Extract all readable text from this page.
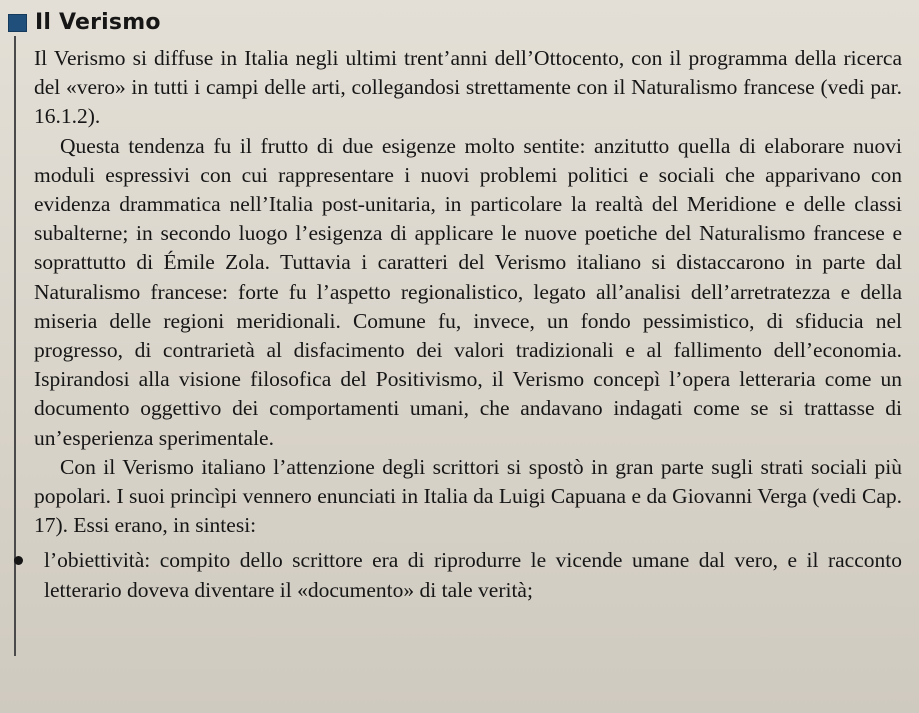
Il Verismo

Il Verismo si diffuse in Italia negli ultimi trent’anni dell’Ottocento, con il programma della ricerca del «vero» in tutti i campi delle arti, collegandosi strettamente con il Naturalismo francese (vedi par. 16.1.2).

Questa tendenza fu il frutto di due esigenze molto sentite: anzitutto quella di elaborare nuovi moduli espressivi con cui rappresentare i nuovi problemi politici e sociali che apparivano con evidenza drammatica nell’Italia post-unitaria, in particolare la realtà del Meridione e delle classi subalterne; in secondo luogo l’esigenza di applicare le nuove poetiche del Naturalismo francese e soprattutto di Émile Zola. Tuttavia i caratteri del Verismo italiano si distaccarono in parte dal Naturalismo francese: forte fu l’aspetto regionalistico, legato all’analisi dell’arretratezza e della miseria delle regioni meridionali. Comune fu, invece, un fondo pessimistico, di sfiducia nel progresso, di contrarietà al disfacimento dei valori tradizionali e al fallimento dell’economia. Ispirandosi alla visione filosofica del Positivismo, il Verismo concepì l’opera letteraria come un documento oggettivo dei comportamenti umani, che andavano indagati come se si trattasse di un’esperienza sperimentale.

Con il Verismo italiano l’attenzione degli scrittori si spostò in gran parte sugli strati sociali più popolari. I suoi princìpi vennero enunciati in Italia da Luigi Capuana e da Giovanni Verga (vedi Cap. 17). Essi erano, in sintesi:

l’obiettività: compito dello scrittore era di riprodurre le vicende umane dal vero, e il racconto letterario doveva diventare il «documento» di tale verità;
